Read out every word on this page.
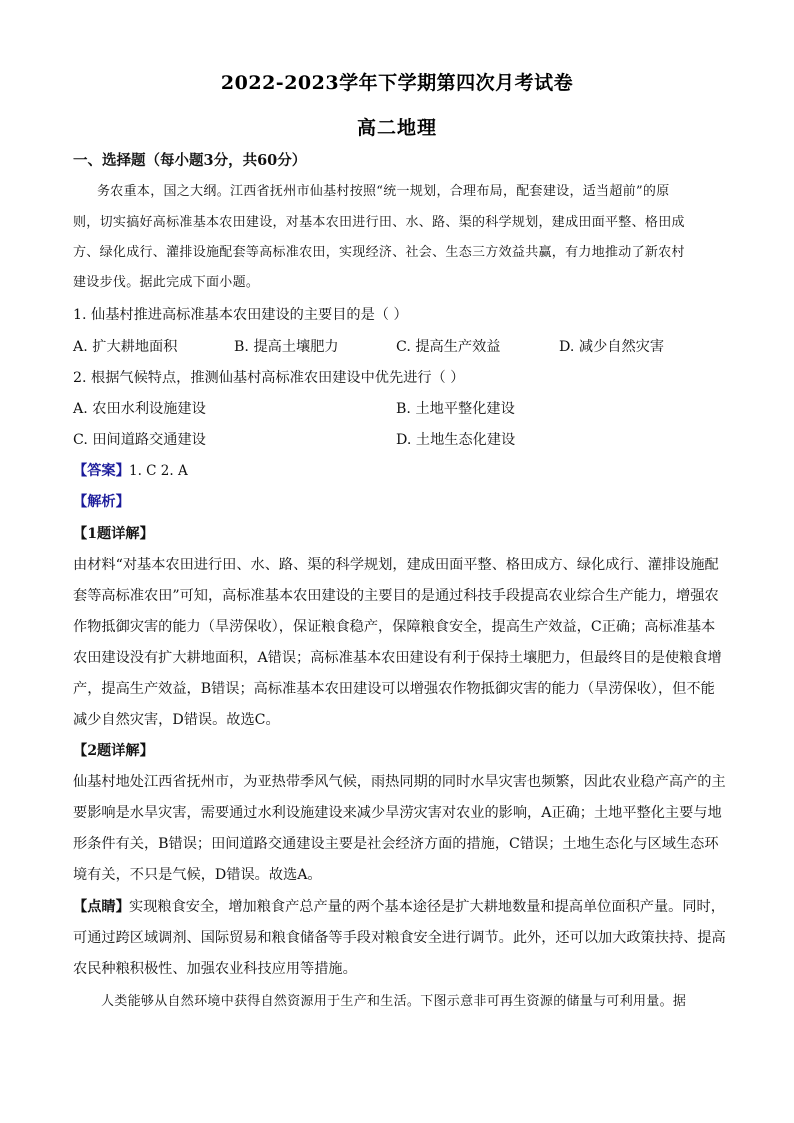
2022-2023学年下学期第四次月考试卷
高二地理
一、选择题（每小题3分，共60分）
务农重本，国之大纲。江西省抚州市仙基村按照“统一规划，合理布局，配套建设，适当超前”的原
则，切实搞好高标准基本农田建设，对基本农田进行田、水、路、渠的科学规划，建成田面平整、格田成
方、绿化成行、灌排设施配套等高标准农田，实现经济、社会、生态三方效益共赢，有力地推动了新农村
建设步伐。据此完成下面小题。
1. 仙基村推进高标准基本农田建设的主要目的是（ ）
A. 扩大耕地面积	B. 提高土壤肥力	C. 提高生产效益	D. 减少自然灾害
2. 根据气候特点，推测仙基村高标准农田建设中优先进行（ ）
A. 农田水利设施建设	B. 土地平整化建设
C. 田间道路交通建设	D. 土地生态化建设
【答案】 1. C 2. A
【解析】
【1题详解】
由材料“对基本农田进行田、水、路、渠的科学规划，建成田面平整、格田成方、绿化成行、灌排设施配
套等高标准农田”可知，高标准基本农田建设的主要目的是通过科技手段提高农业综合生产能力，增强农
作物抵御灾害的能力（旱涝保收），保证粮食稳产，保障粮食安全，提高生产效益，C正确；高标准基本
农田建设没有扩大耕地面积，A错误；高标准基本农田建设有利于保持土壤肥力，但最终目的是使粮食增
产，提高生产效益，B错误；高标准基本农田建设可以增强农作物抵御灾害的能力（旱涝保收），但不能
减少自然灾害，D错误。故选C。
【2题详解】
仙基村地处江西省抚州市，为亚热带季风气候，雨热同期的同时水旱灾害也频繁，因此农业稳产高产的主
要影响是水旱灾害，需要通过水利设施建设来减少旱涝灾害对农业的影响，A正确；土地平整化主要与地
形条件有关，B错误；田间道路交通建设主要是社会经济方面的措施，C错误；土地生态化与区域生态环
境有关，不只是气候，D错误。故选A。
【点睛】 实现粮食安全，增加粮食产总产量的两个基本途径是扩大耕地数量和提高单位面积产量。同时，
可通过跨区域调剂、国际贸易和粮食储备等手段对粮食安全进行调节。此外，还可以加大政策扶持、提高
农民种粮积极性、加强农业科技应用等措施。
人类能够从自然环境中获得自然资源用于生产和生活。下图示意非可再生资源的储量与可利用量。据
